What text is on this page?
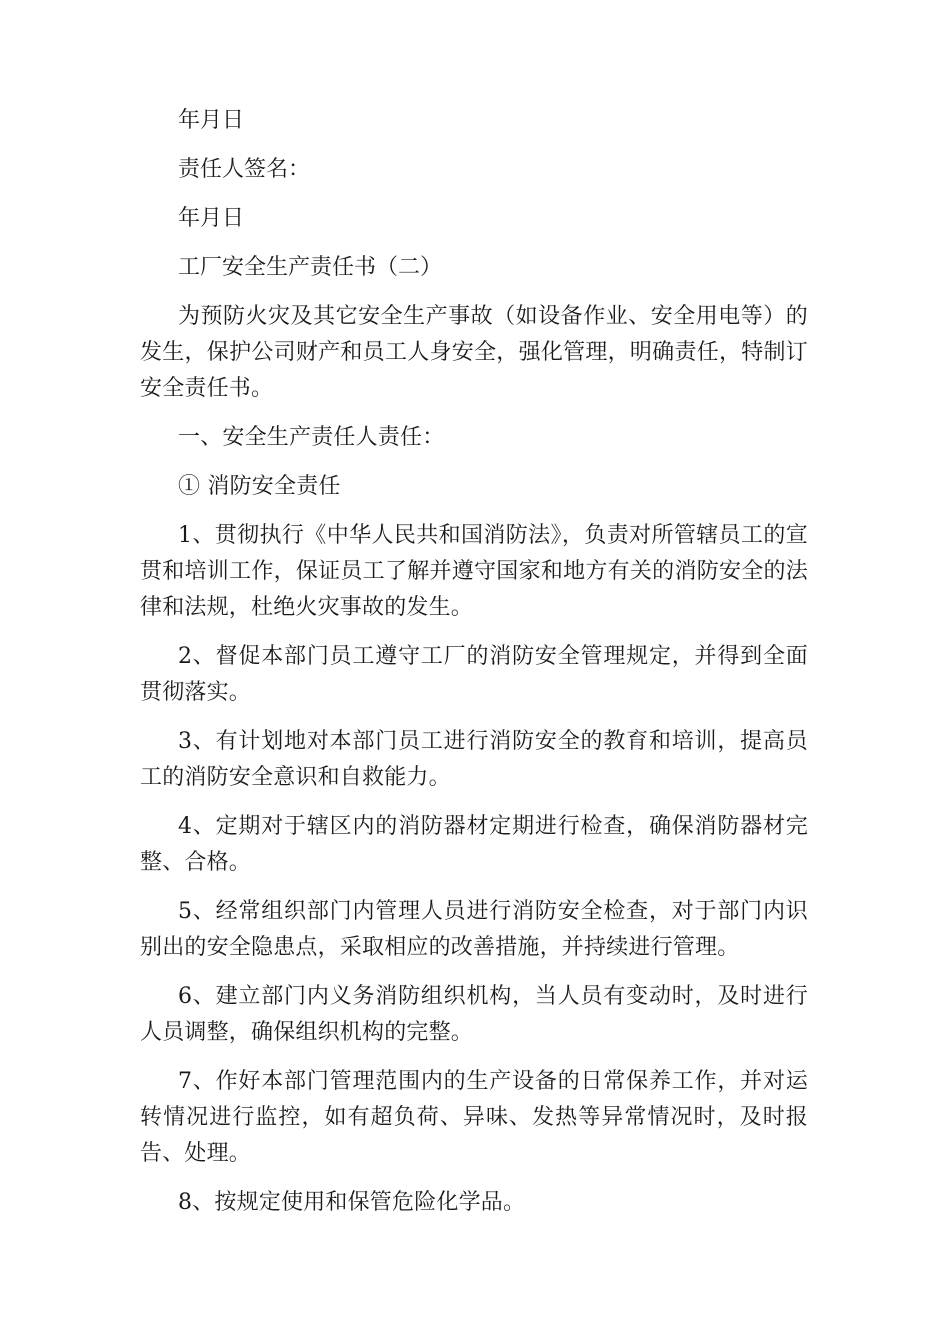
年月日

责任人签名：

年月日

工厂安全生产责任书（二）

为预防火灾及其它安全生产事故（如设备作业、安全用电等）的发生，保护公司财产和员工人身安全，强化管理，明确责任，特制订安全责任书。

一、安全生产责任人责任：

① 消防安全责任

1、贯彻执行《中华人民共和国消防法》，负责对所管辖员工的宣贯和培训工作，保证员工了解并遵守国家和地方有关的消防安全的法律和法规，杜绝火灾事故的发生。

2、督促本部门员工遵守工厂的消防安全管理规定，并得到全面贯彻落实。

3、有计划地对本部门员工进行消防安全的教育和培训，提高员工的消防安全意识和自救能力。

4、定期对于辖区内的消防器材定期进行检查，确保消防器材完整、合格。

5、经常组织部门内管理人员进行消防安全检查，对于部门内识别出的安全隐患点，采取相应的改善措施，并持续进行管理。

6、建立部门内义务消防组织机构，当人员有变动时，及时进行人员调整，确保组织机构的完整。

7、作好本部门管理范围内的生产设备的日常保养工作，并对运转情况进行监控，如有超负荷、异味、发热等异常情况时，及时报告、处理。

8、按规定使用和保管危险化学品。
